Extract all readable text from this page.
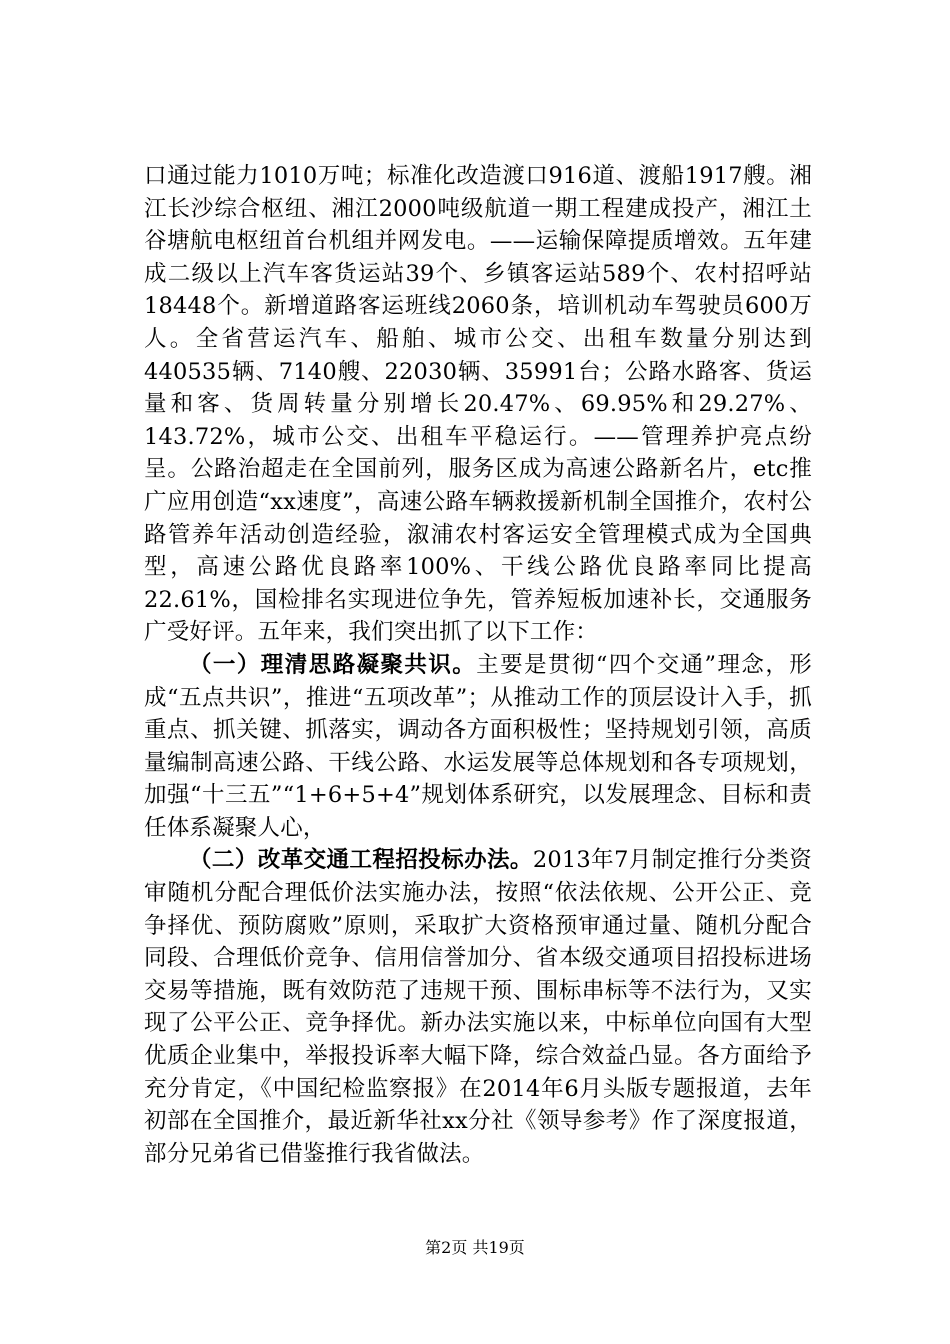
口通过能力1010万吨；标准化改造渡口916道、渡船1917艘。湘江长沙综合枢纽、湘江2000吨级航道一期工程建成投产，湘江土谷塘航电枢纽首台机组并网发电。——运输保障提质增效。五年建成二级以上汽车客货运站39个、乡镇客运站589个、农村招呼站18448个。新增道路客运班线2060条，培训机动车驾驶员600万人。全省营运汽车、船舶、城市公交、出租车数量分别达到440535辆、7140艘、22030辆、35991台；公路水路客、货运量和客、货周转量分别增长20.47%、69.95%和29.27%、143.72%，城市公交、出租车平稳运行。——管理养护亮点纷呈。公路治超走在全国前列，服务区成为高速公路新名片，etc推广应用创造“xx速度”，高速公路车辆救援新机制全国推介，农村公路管养年活动创造经验，溆浦农村客运安全管理模式成为全国典型，高速公路优良路率100%、干线公路优良路率同比提高22.61%，国检排名实现进位争先，管养短板加速补长，交通服务广受好评。五年来，我们突出抓了以下工作：

（一）理清思路凝聚共识。主要是贯彻“四个交通”理念，形成“五点共识”，推进“五项改革”；从推动工作的顶层设计入手，抓重点、抓关键、抓落实，调动各方面积极性；坚持规划引领，高质量编制高速公路、干线公路、水运发展等总体规划和各专项规划，加强“十三五”“1+6+5+4”规划体系研究，以发展理念、目标和责任体系凝聚人心，

（二）改革交通工程招投标办法。2013年7月制定推行分类资审随机分配合理低价法实施办法，按照“依法依规、公开公正、竞争择优、预防腐败”原则，采取扩大资格预审通过量、随机分配合同段、合理低价竞争、信用信誉加分、省本级交通项目招投标进场交易等措施，既有效防范了违规干预、围标串标等不法行为，又实现了公平公正、竞争择优。新办法实施以来，中标单位向国有大型优质企业集中，举报投诉率大幅下降，综合效益凸显。各方面给予充分肯定，《中国纪检监察报》在2014年6月头版专题报道，去年初部在全国推介，最近新华社xx分社《领导参考》作了深度报道，部分兄弟省已借鉴推行我省做法。

第2页 共19页
